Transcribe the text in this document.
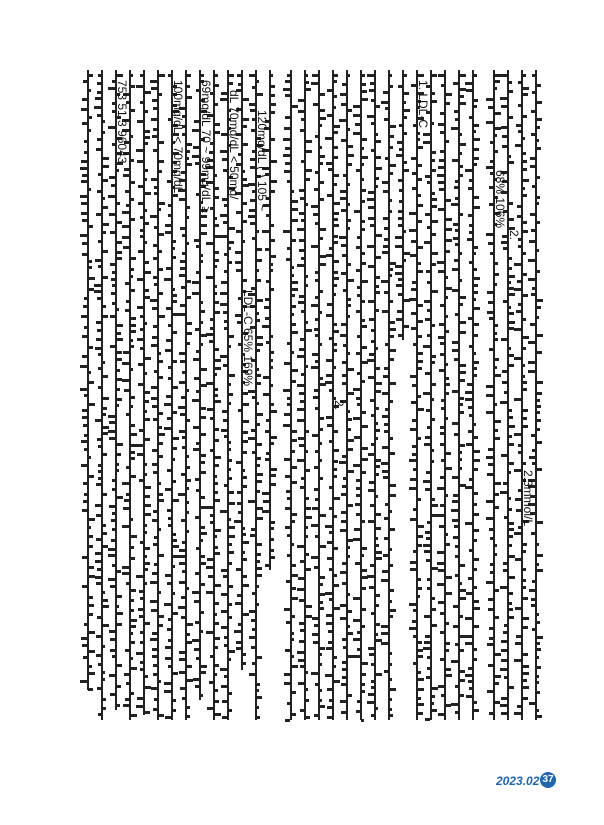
120mg/dL ( ) 105 ~
LDL-C 65% 169%
dL 70mg/dL < 50mg/
69mg/dL 70 ~ 99mg/dL ≥
100mg/dL < 70mg/dL
753 51.3 96043	1. LDL-C
2.
2.
68% 106%
2.3mmol/L
2023.02 37
